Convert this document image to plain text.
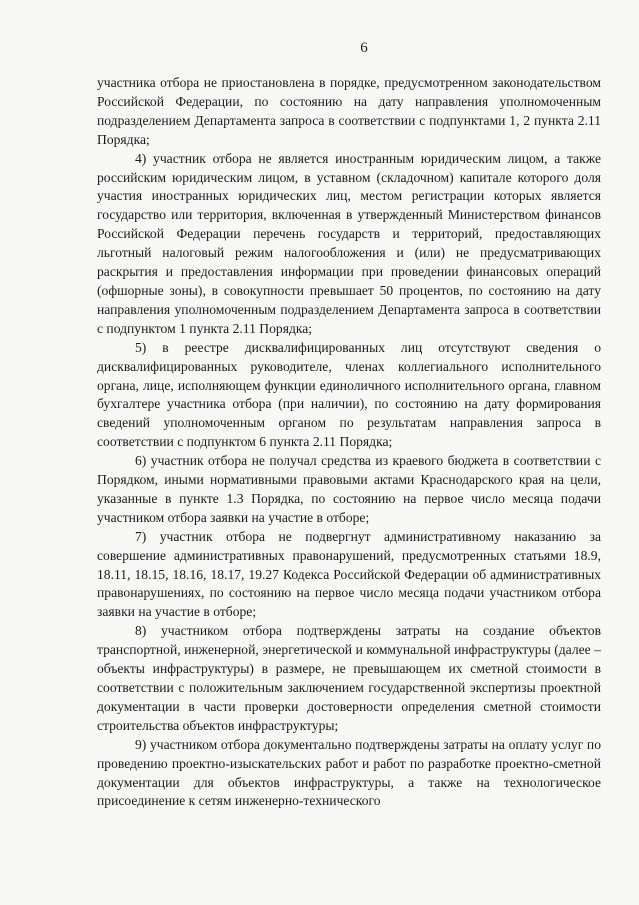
6

участника отбора не приостановлена в порядке, предусмотренном законодательством Российской Федерации, по состоянию на дату направления уполномоченным подразделением Департамента запроса в соответствии с подпунктами 1, 2 пункта 2.11 Порядка;

4) участник отбора не является иностранным юридическим лицом, а также российским юридическим лицом, в уставном (складочном) капитале которого доля участия иностранных юридических лиц, местом регистрации которых является государство или территория, включенная в утвержденный Министерством финансов Российской Федерации перечень государств и территорий, предоставляющих льготный налоговый режим налогообложения и (или) не предусматривающих раскрытия и предоставления информации при проведении финансовых операций (офшорные зоны), в совокупности превышает 50 процентов, по состоянию на дату направления уполномоченным подразделением Департамента запроса в соответствии с подпунктом 1 пункта 2.11 Порядка;

5) в реестре дисквалифицированных лиц отсутствуют сведения о дисквалифицированных руководителе, членах коллегиального исполнительного органа, лице, исполняющем функции единоличного исполнительного органа, главном бухгалтере участника отбора (при наличии), по состоянию на дату формирования сведений уполномоченным органом по результатам направления запроса в соответствии с подпунктом 6 пункта 2.11 Порядка;

6) участник отбора не получал средства из краевого бюджета в соответствии с Порядком, иными нормативными правовыми актами Краснодарского края на цели, указанные в пункте 1.3 Порядка, по состоянию на первое число месяца подачи участником отбора заявки на участие в отборе;

7) участник отбора не подвергнут административному наказанию за совершение административных правонарушений, предусмотренных статьями 18.9, 18.11, 18.15, 18.16, 18.17, 19.27 Кодекса Российской Федерации об административных правонарушениях, по состоянию на первое число месяца подачи участником отбора заявки на участие в отборе;

8) участником отбора подтверждены затраты на создание объектов транспортной, инженерной, энергетической и коммунальной инфраструктуры (далее – объекты инфраструктуры) в размере, не превышающем их сметной стоимости в соответствии с положительным заключением государственной экспертизы проектной документации в части проверки достоверности определения сметной стоимости строительства объектов инфраструктуры;

9) участником отбора документально подтверждены затраты на оплату услуг по проведению проектно-изыскательских работ и работ по разработке проектно-сметной документации для объектов инфраструктуры, а также на технологическое присоединение к сетям инженерно-технического
